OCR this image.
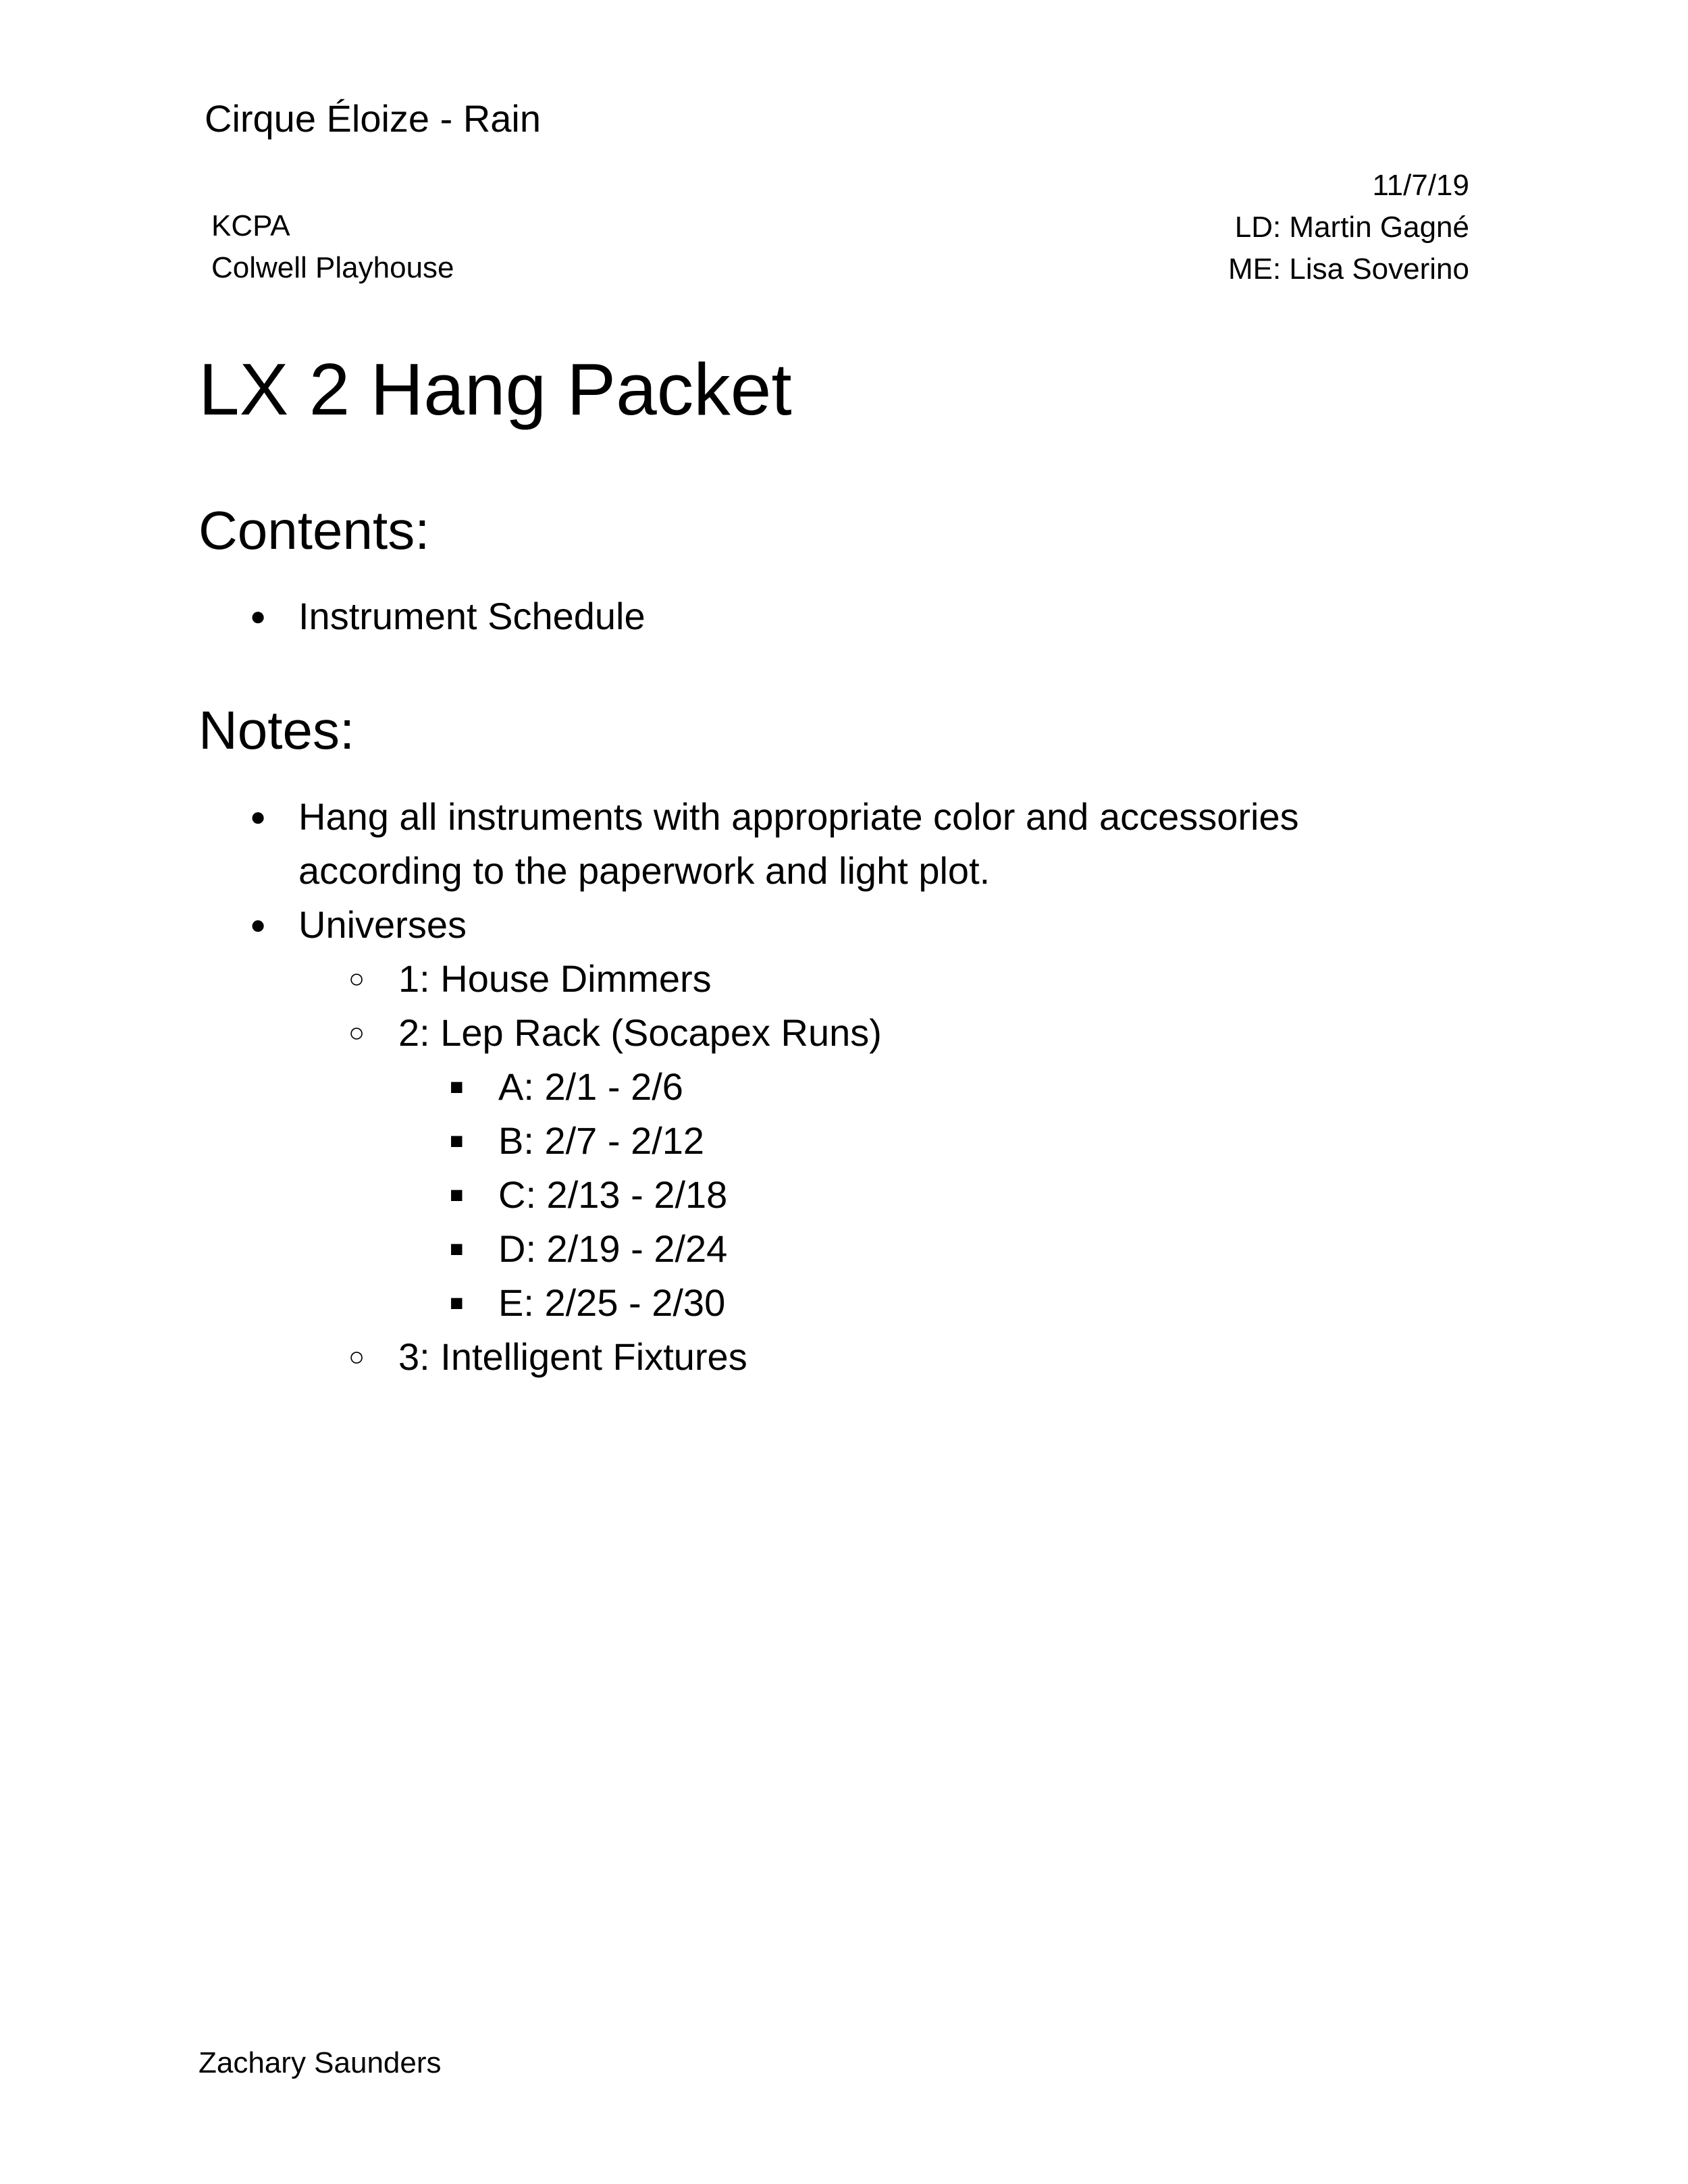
Cirque Éloize - Rain
KCPA
Colwell Playhouse
11/7/19
LD: Martin Gagné
ME: Lisa Soverino
LX 2 Hang Packet
Contents:
● Instrument Schedule
Notes:
● Hang all instruments with appropriate color and accessories
according to the paperwork and light plot.
● Universes
○ 1: House Dimmers
○ 2: Lep Rack (Socapex Runs)
■ A: 2/1 - 2/6
■ B: 2/7 - 2/12
■ C: 2/13 - 2/18
■ D: 2/19 - 2/24
■ E: 2/25 - 2/30
○ 3: Intelligent Fixtures
Zachary Saunders
